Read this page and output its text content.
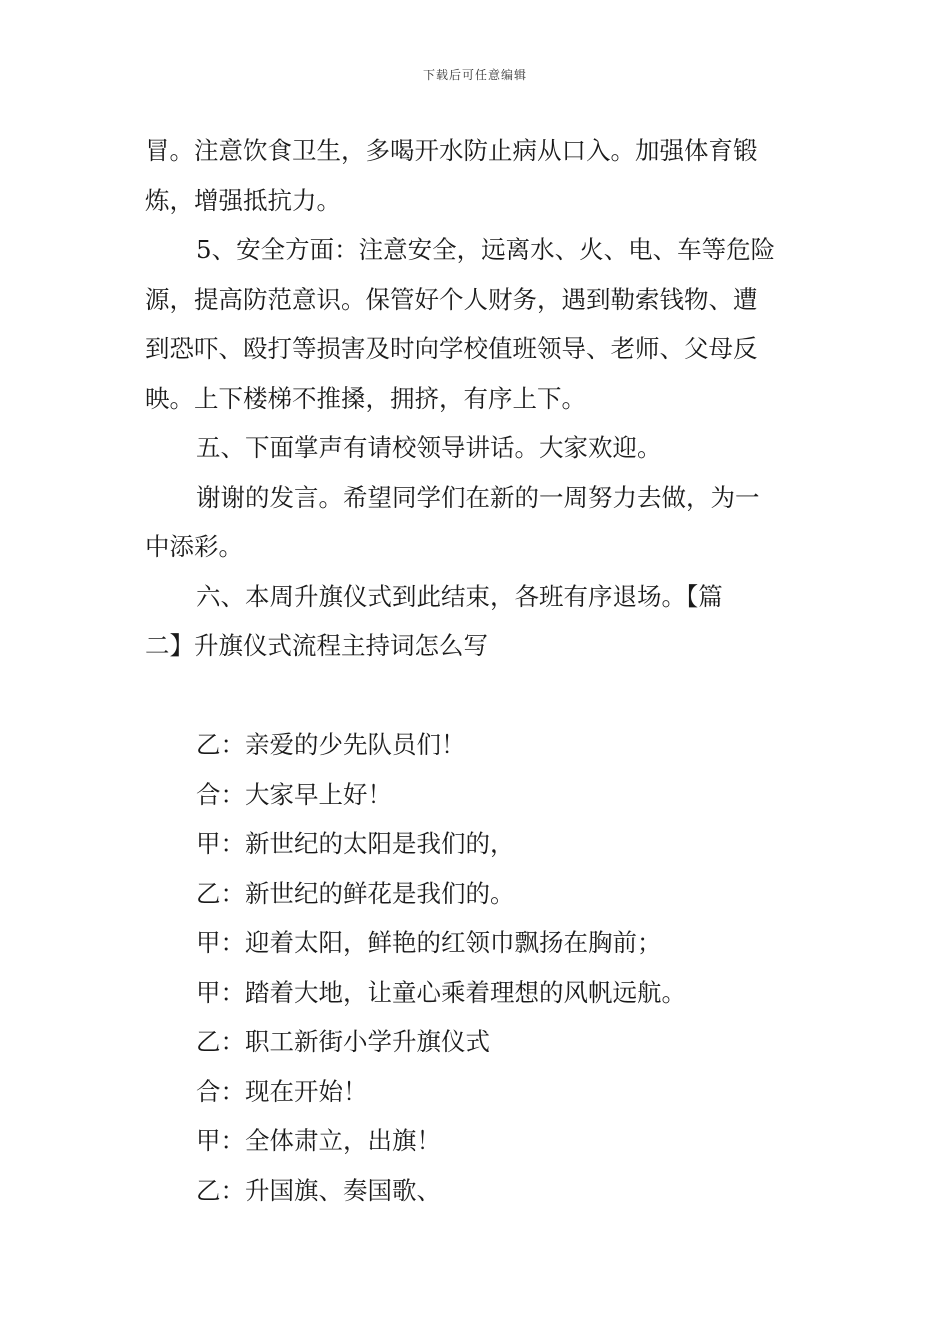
下载后可任意编辑
冒。注意饮食卫生，多喝开水防止病从口入。加强体育锻
炼，增强抵抗力。
5、安全方面：注意安全，远离水、火、电、车等危险
源，提高防范意识。保管好个人财务，遇到勒索钱物、遭
到恐吓、殴打等损害及时向学校值班领导、老师、父母反
映。上下楼梯不推搡，拥挤，有序上下。
五、下面掌声有请校领导讲话。大家欢迎。
谢谢的发言。希望同学们在新的一周努力去做，为一
中添彩。
六、本周升旗仪式到此结束，各班有序退场。【篇
二】升旗仪式流程主持词怎么写
乙：亲爱的少先队员们！
合：大家早上好！
甲：新世纪的太阳是我们的，
乙：新世纪的鲜花是我们的。
甲：迎着太阳，鲜艳的红领巾飘扬在胸前；
甲：踏着大地，让童心乘着理想的风帆远航。
乙：职工新街小学升旗仪式
合：现在开始！
甲：全体肃立，出旗！
乙：升国旗、奏国歌、
